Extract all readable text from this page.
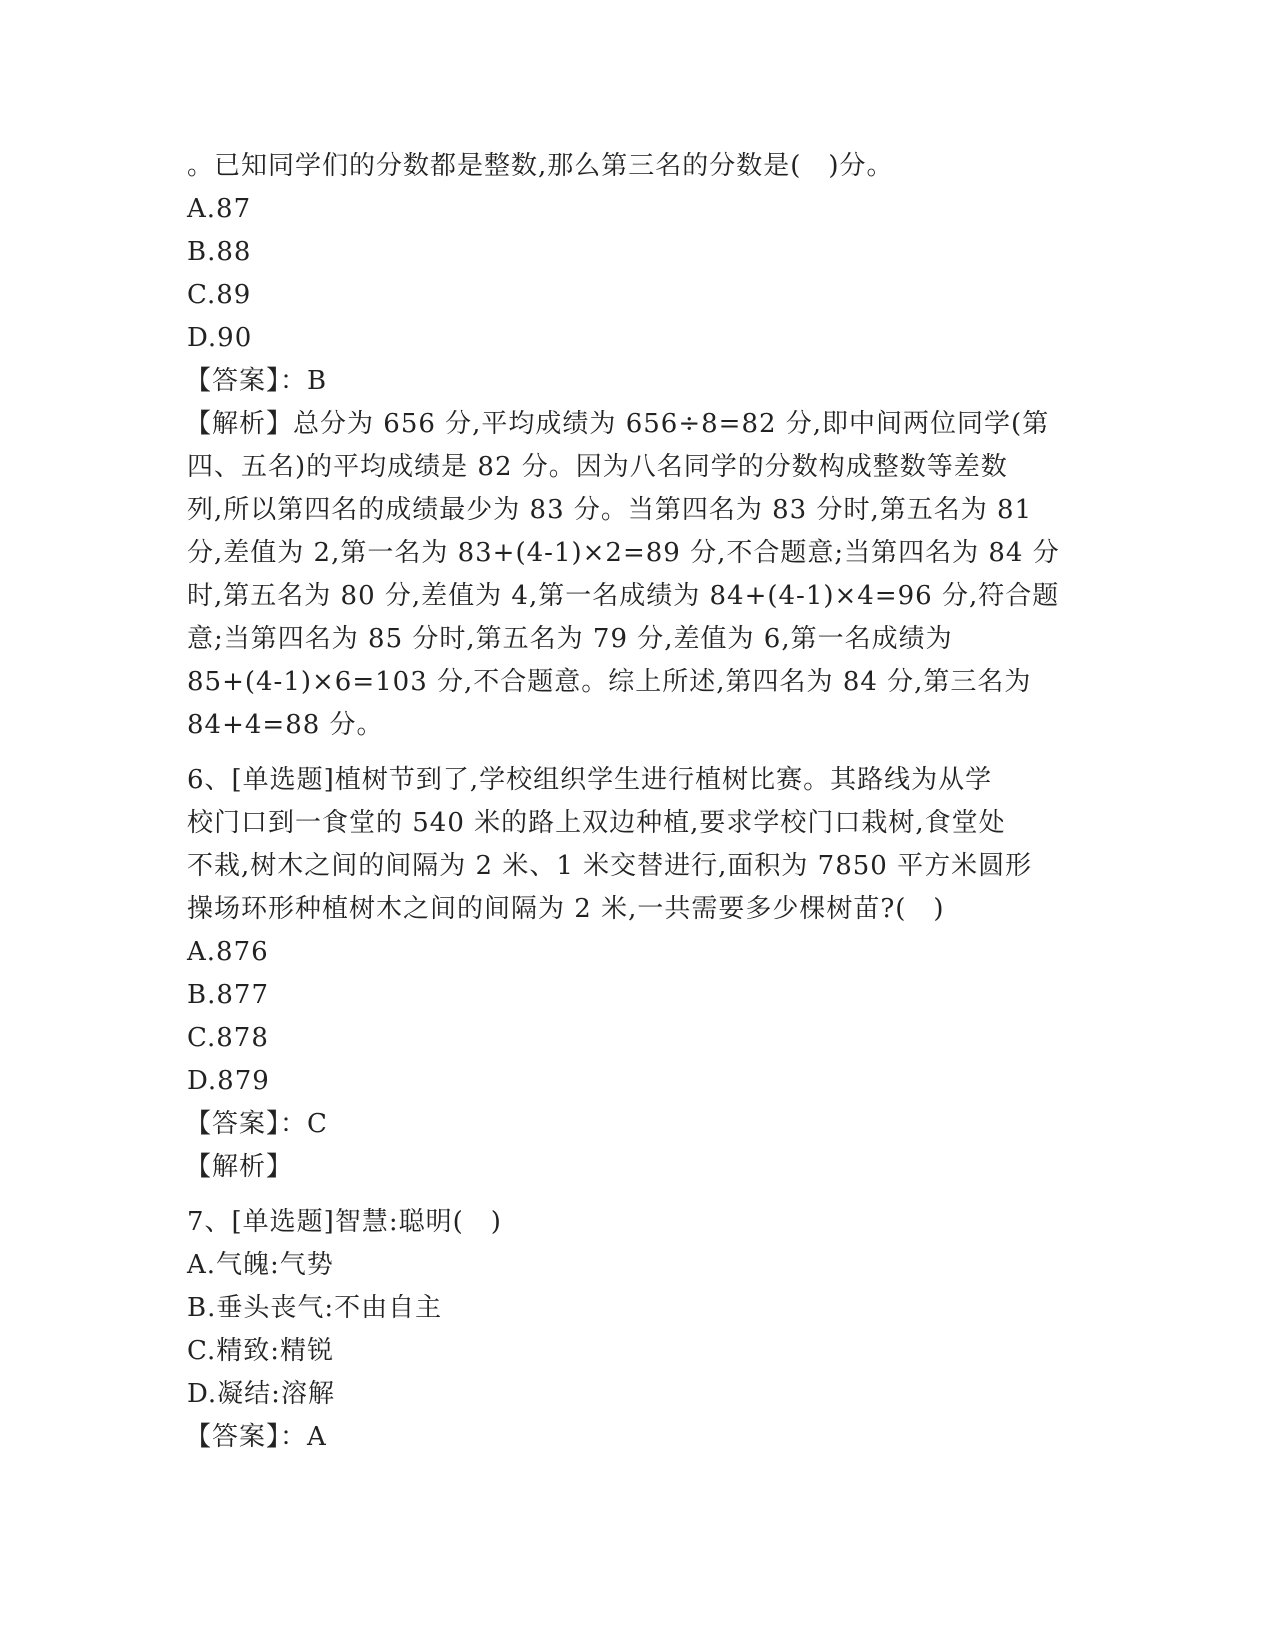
。已知同学们的分数都是整数,那么第三名的分数是(　)分。
A.87
B.88
C.89
D.90
【答案】：B
【解析】总分为 656 分,平均成绩为 656÷8=82 分,即中间两位同学(第
四、五名)的平均成绩是 82 分。因为八名同学的分数构成整数等差数
列,所以第四名的成绩最少为 83 分。当第四名为 83 分时,第五名为 81
分,差值为 2,第一名为 83+(4-1)×2=89 分,不合题意;当第四名为 84 分
时,第五名为 80 分,差值为 4,第一名成绩为 84+(4-1)×4=96 分,符合题
意;当第四名为 85 分时,第五名为 79 分,差值为 6,第一名成绩为
85+(4-1)×6=103 分,不合题意。综上所述,第四名为 84 分,第三名为
84+4=88 分。
6、[单选题]植树节到了,学校组织学生进行植树比赛。其路线为从学
校门口到一食堂的 540 米的路上双边种植,要求学校门口栽树,食堂处
不栽,树木之间的间隔为 2 米、1 米交替进行,面积为 7850 平方米圆形
操场环形种植树木之间的间隔为 2 米,一共需要多少棵树苗?(　)
A.876
B.877
C.878
D.879
【答案】：C
【解析】
7、[单选题]智慧:聪明(　)
A.气魄:气势
B.垂头丧气:不由自主
C.精致:精锐
D.凝结:溶解
【答案】：A
